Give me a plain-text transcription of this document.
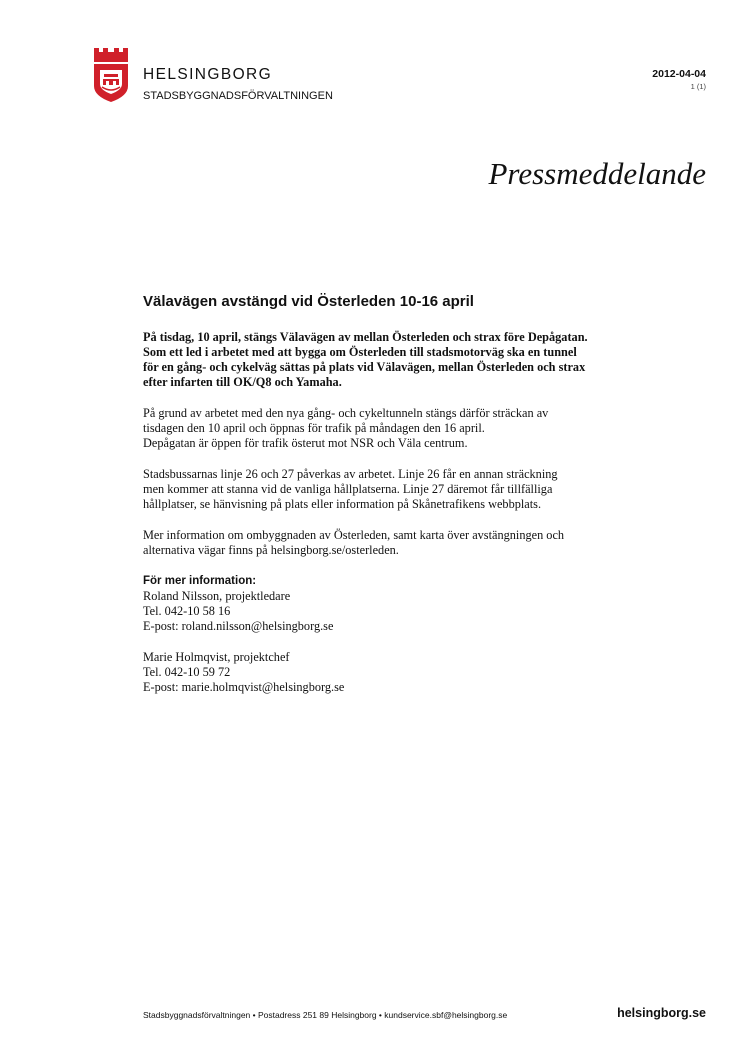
HELSINGBORG
STADSBYGGNADSFÖRVALTNINGEN
2012-04-04
1 (1)
Pressmeddelande
Välavägen avstängd vid Österleden 10-16 april

På tisdag, 10 april, stängs Välavägen av mellan Österleden och strax före Depågatan.
Som ett led i arbetet med att bygga om Österleden till stadsmotorväg ska en tunnel
för en gång- och cykelväg sättas på plats vid Välavägen, mellan Österleden och strax
efter infarten till OK/Q8 och Yamaha.

På grund av arbetet med den nya gång- och cykeltunneln stängs därför sträckan av
tisdagen den 10 april och öppnas för trafik på måndagen den 16 april.
Depågatan är öppen för trafik österut mot NSR och Väla centrum.

Stadsbussarnas linje 26 och 27 påverkas av arbetet. Linje 26 får en annan sträckning
men kommer att stanna vid de vanliga hållplatserna. Linje 27 däremot får tillfälliga
hållplatser, se hänvisning på plats eller information på Skånetrafikens webbplats.

Mer information om ombyggnaden av Österleden, samt karta över avstängningen och
alternativa vägar finns på helsingborg.se/osterleden.

För mer information:
Roland Nilsson, projektledare
Tel. 042-10 58 16
E-post: roland.nilsson@helsingborg.se
Marie Holmqvist, projektchef
Tel. 042-10 59 72
E-post: marie.holmqvist@helsingborg.se
Stadsbyggnadsförvaltningen • Postadress 251 89 Helsingborg • kundservice.sbf@helsingborg.se	helsingborg.se
